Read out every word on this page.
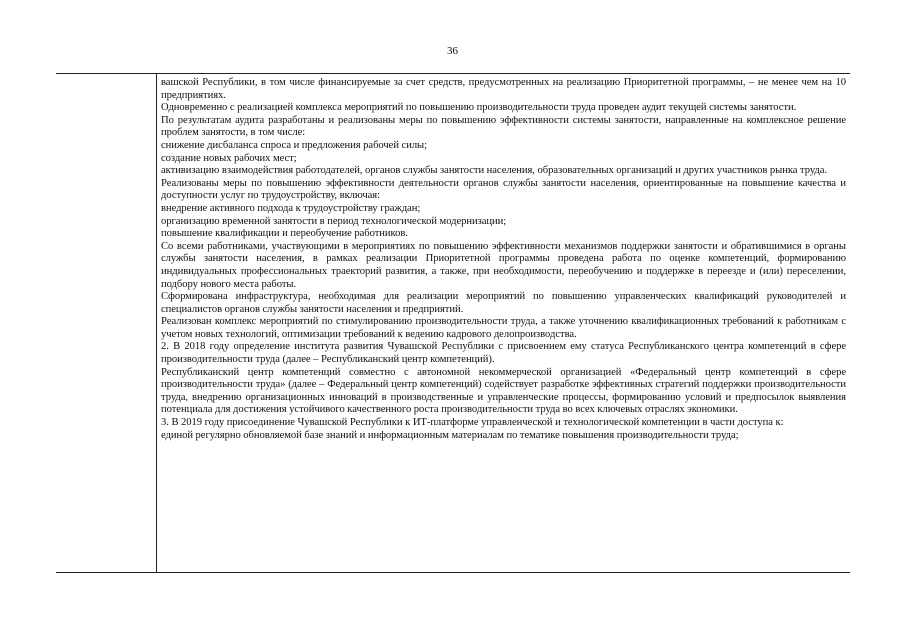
36

вашской Республики, в том числе финансируемые за счет средств, предусмотренных на реализацию Приоритетной программы, – не менее чем на 10 предприятиях.

Одновременно с реализацией комплекса мероприятий по повышению производительности труда проведен аудит текущей системы занятости.

По результатам аудита разработаны и реализованы меры по повышению эффективности системы занятости, направленные на комплексное решение проблем занятости, в том числе:

снижение дисбаланса спроса и предложения рабочей силы;

создание новых рабочих мест;

активизацию взаимодействия работодателей, органов службы занятости населения, образовательных организаций и других участников рынка труда.

Реализованы меры по повышению эффективности деятельности органов службы занятости населения, ориентированные на повышение качества и доступности услуг по трудоустройству, включая:

внедрение активного подхода к трудоустройству граждан;

организацию временной занятости в период технологической модернизации;

повышение квалификации и переобучение работников.

Со всеми работниками, участвующими в мероприятиях по повышению эффективности механизмов поддержки занятости и обратившимися в органы службы занятости населения, в рамках реализации Приоритетной программы проведена работа по оценке компетенций, формированию индивидуальных профессиональных траекторий развития, а также, при необходимости, переобучению и поддержке в переезде и (или) переселении, подбору нового места работы.

Сформирована инфраструктура, необходимая для реализации мероприятий по повышению управленческих квалификаций руководителей и специалистов органов службы занятости населения и предприятий.

Реализован комплекс мероприятий по стимулированию производительности труда, а также уточнению квалификационных требований к работникам с учетом новых технологий, оптимизации требований к ведению кадрового делопроизводства.

2. В 2018 году определение института развития Чувашской Республики с присвоением ему статуса Республиканского центра компетенций в сфере производительности труда (далее – Республиканский центр компетенций).

Республиканский центр компетенций совместно с автономной некоммерческой организацией «Федеральный центр компетенций в сфере производительности труда» (далее – Федеральный центр компетенций) содействует разработке эффективных стратегий поддержки производительности труда, внедрению организационных инноваций в производственные и управленческие процессы, формированию условий и предпосылок выявления потенциала для достижения устойчивого качественного роста производительности труда во всех ключевых отраслях экономики.

3. В 2019 году присоединение Чувашской Республики к ИТ-платформе управленческой и технологической компетенции в части доступа к:

единой регулярно обновляемой базе знаний и информационным материалам по тематике повышения производительности труда;
